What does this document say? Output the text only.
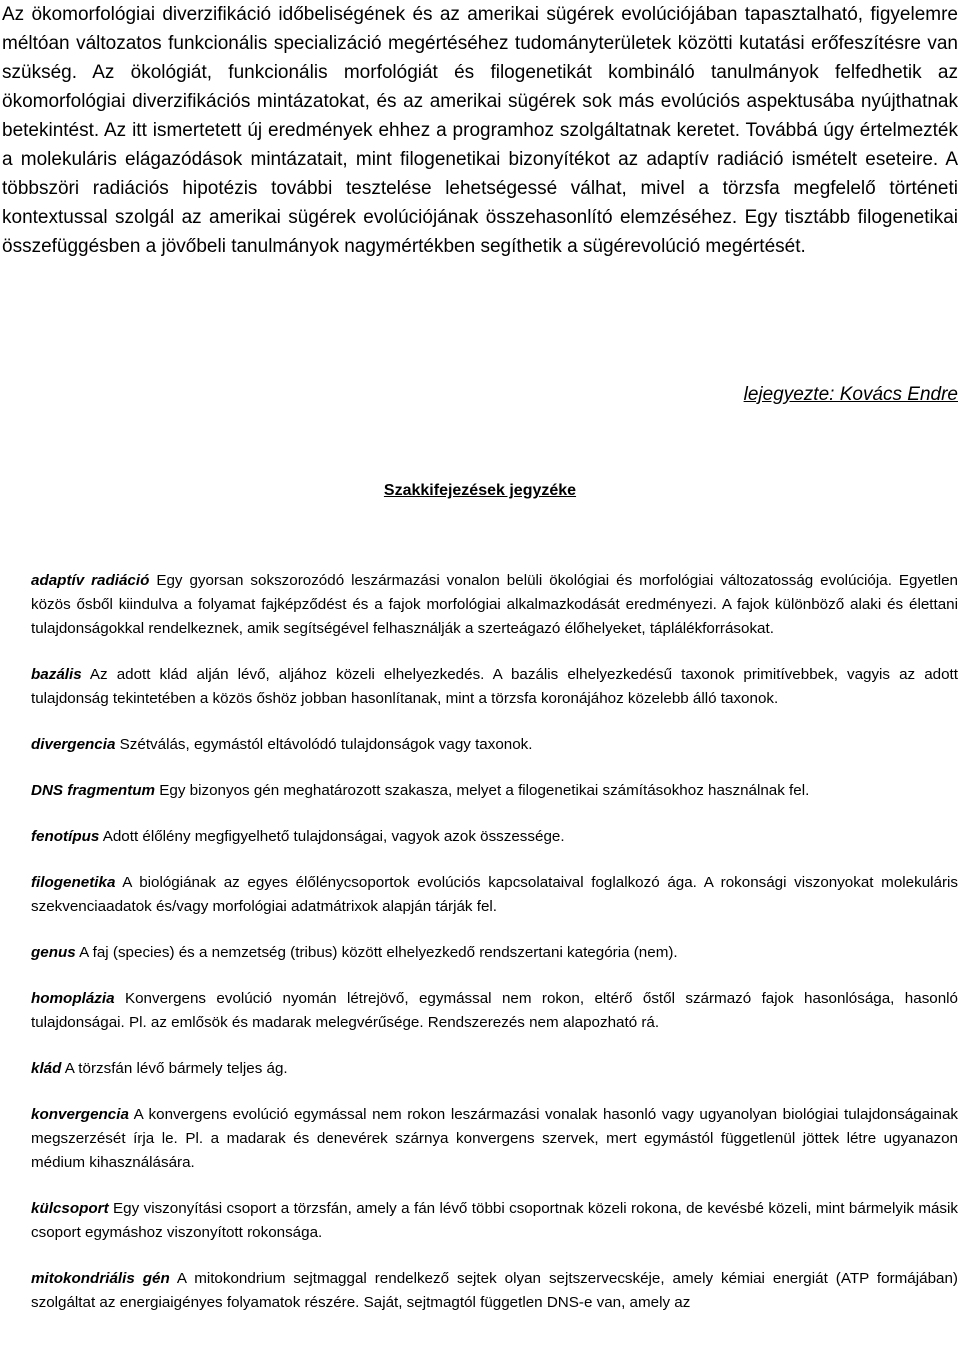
Az ökomorfológiai diverzifikáció időbeliségének és az amerikai sügérek evolúciójában tapasztalható, figyelemre méltóan változatos funkcionális specializáció megértéséhez tudományterületek közötti kutatási erőfeszítésre van szükség. Az ökológiát, funkcionális morfológiát és filogenetikát kombináló tanulmányok felfedhetik az ökomorfológiai diverzifikációs mintázatokat, és az amerikai sügérek sok más evolúciós aspektusába nyújthatnak betekintést. Az itt ismertetett új eredmények ehhez a programhoz szolgáltatnak keretet. Továbbá úgy értelmezték a molekuláris elágazódások mintázatait, mint filogenetikai bizonyítékot az adaptív radiáció ismételt eseteire. A többszöri radiációs hipotézis további tesztelése lehetségessé válhat, mivel a törzsfa megfelelő történeti kontextussal szolgál az amerikai sügérek evolúciójának összehasonlító elemzéséhez. Egy tisztább filogenetikai összefüggésben a jövőbeli tanulmányok nagymértékben segíthetik a sügérevolúció megértését.

lejegyezte: Kovács Endre

Szakkifejezések jegyzéke

adaptív radiáció Egy gyorsan sokszorozódó leszármazási vonalon belüli ökológiai és morfológiai változatosság evolúciója. Egyetlen közös ősből kiindulva a folyamat fajképződést és a fajok morfológiai alkalmazkodását eredményezi. A fajok különböző alaki és élettani tulajdonságokkal rendelkeznek, amik segítségével felhasználják a szerteágazó élőhelyeket, táplálékforrásokat.

bazális Az adott klád alján lévő, aljához közeli elhelyezkedés. A bazális elhelyezkedésű taxonok primitívebbek, vagyis az adott tulajdonság tekintetében a közös őshöz jobban hasonlítanak, mint a törzsfa koronájához közelebb álló taxonok.

divergencia Szétválás, egymástól eltávolódó tulajdonságok vagy taxonok.

DNS fragmentum Egy bizonyos gén meghatározott szakasza, melyet a filogenetikai számításokhoz használnak fel.

fenotípus Adott élőlény megfigyelhető tulajdonságai, vagyok azok összessége.

filogenetika A biológiának az egyes élőlénycsoportok evolúciós kapcsolataival foglalkozó ága. A rokonsági viszonyokat molekuláris szekvenciaadatok és/vagy morfológiai adatmátrixok alapján tárják fel.

genus A faj (species) és a nemzetség (tribus) között elhelyezkedő rendszertani kategória (nem).

homoplázia Konvergens evolúció nyomán létrejövő, egymással nem rokon, eltérő őstől származó fajok hasonlósága, hasonló tulajdonságai. Pl. az emlősök és madarak melegvérűsége. Rendszerezés nem alapozható rá.

klád A törzsfán lévő bármely teljes ág.

konvergencia A konvergens evolúció egymással nem rokon leszármazási vonalak hasonló vagy ugyanolyan biológiai tulajdonságainak megszerzését írja le. Pl. a madarak és denevérek szárnya konvergens szervek, mert egymástól függetlenül jöttek létre ugyanazon médium kihasználására.

külcsoport Egy viszonyítási csoport a törzsfán, amely a fán lévő többi csoportnak közeli rokona, de kevésbé közeli, mint bármelyik másik csoport egymáshoz viszonyított rokonsága.

mitokondriális gén A mitokondrium sejtmaggal rendelkező sejtek olyan sejtszervecskéje, amely kémiai energiát (ATP formájában) szolgáltat az energiaigényes folyamatok részére. Saját, sejtmagtól független DNS-e van, amely az
